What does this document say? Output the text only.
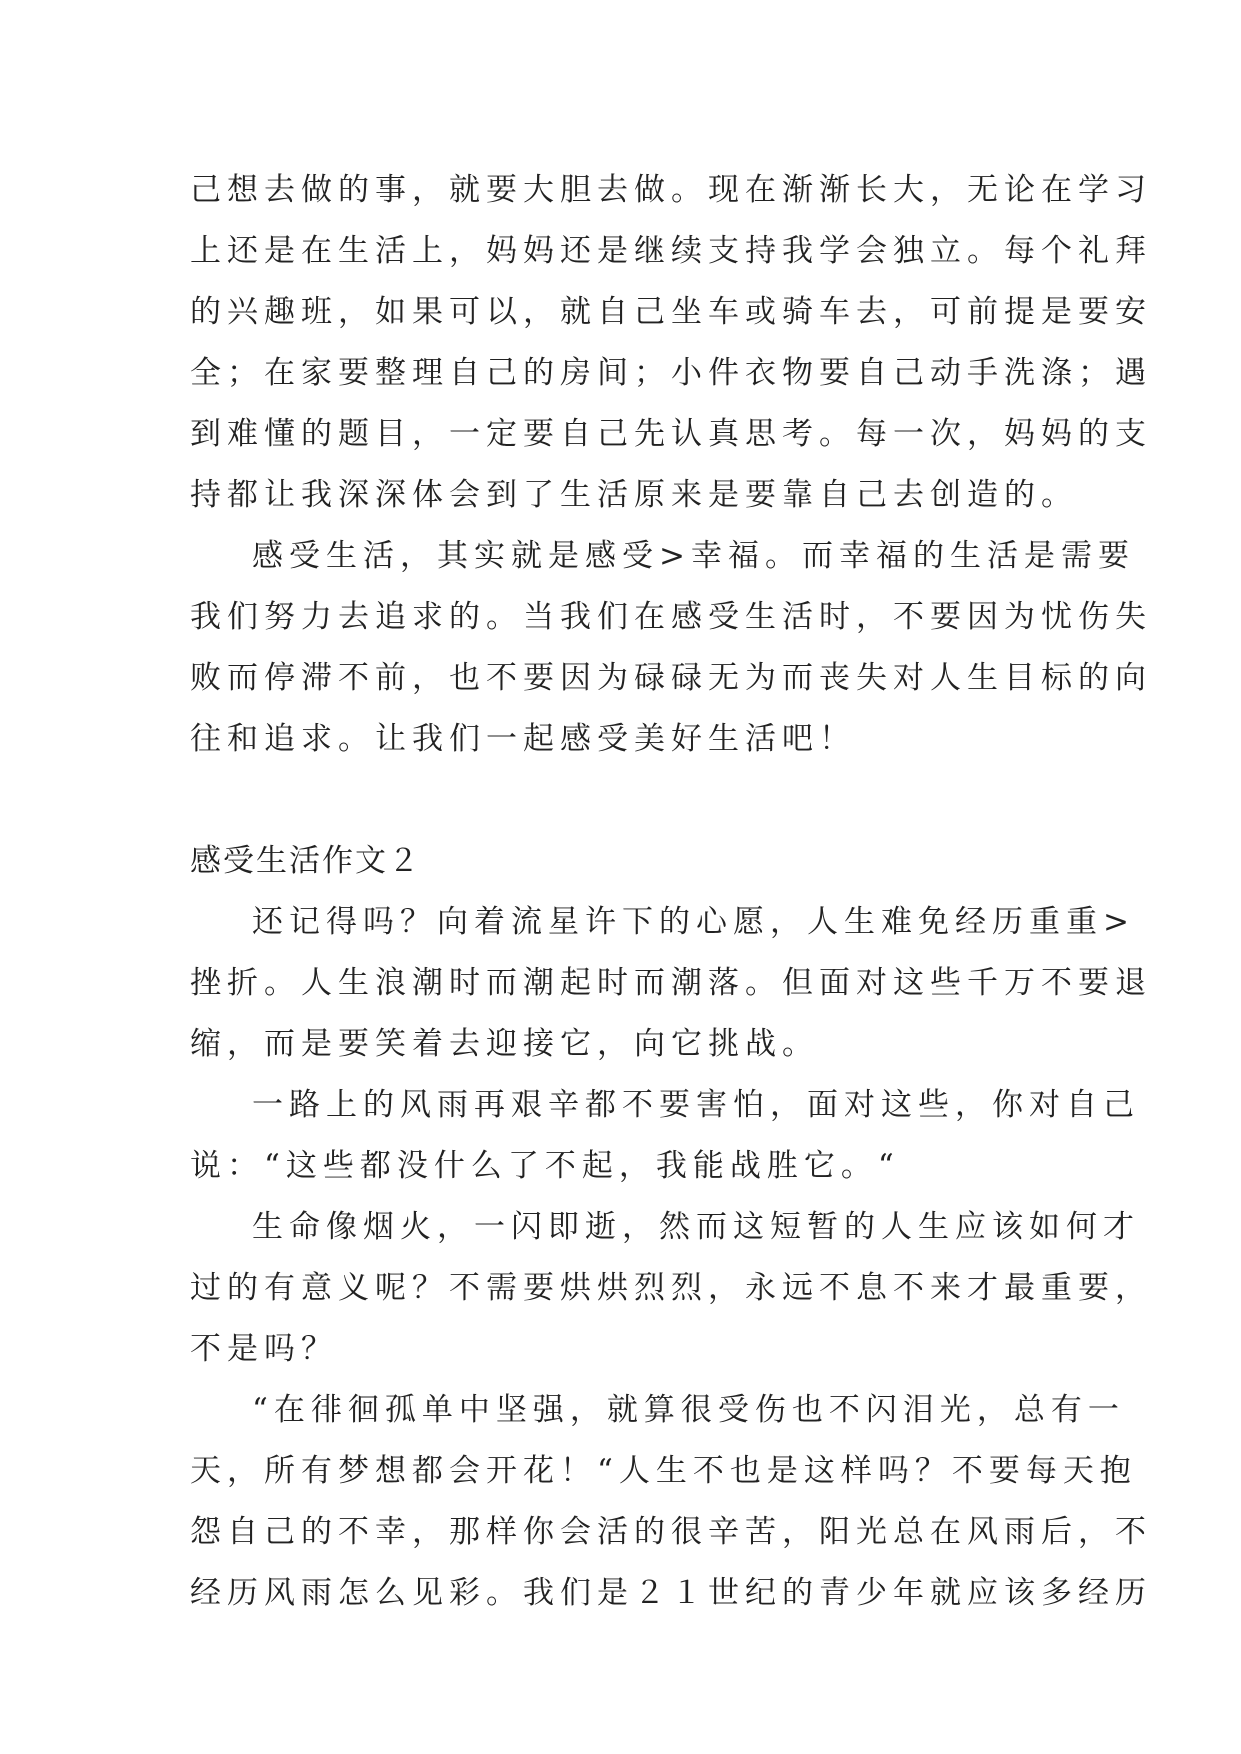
己想去做的事，就要大胆去做。现在渐渐长大，无论在学习
上还是在生活上，妈妈还是继续支持我学会独立。每个礼拜
的兴趣班，如果可以，就自己坐车或骑车去，可前提是要安
全；在家要整理自己的房间；小件衣物要自己动手洗涤；遇
到难懂的题目，一定要自己先认真思考。每一次，妈妈的支
持都让我深深体会到了生活原来是要靠自己去创造的。
感受生活，其实就是感受>幸福。而幸福的生活是需要
我们努力去追求的。当我们在感受生活时，不要因为忧伤失
败而停滞不前，也不要因为碌碌无为而丧失对人生目标的向
往和追求。让我们一起感受美好生活吧！
感受生活作文２
还记得吗？向着流星许下的心愿，人生难免经历重重>
挫折。人生浪潮时而潮起时而潮落。但面对这些千万不要退
缩，而是要笑着去迎接它，向它挑战。
一路上的风雨再艰辛都不要害怕，面对这些，你对自己
说：“这些都没什么了不起，我能战胜它。“
生命像烟火，一闪即逝，然而这短暂的人生应该如何才
过的有意义呢？不需要烘烘烈烈，永远不息不来才最重要，
不是吗？
“在徘徊孤单中坚强，就算很受伤也不闪泪光，总有一
天，所有梦想都会开花！“人生不也是这样吗？不要每天抱
怨自己的不幸，那样你会活的很辛苦，阳光总在风雨后，不
经历风雨怎么见彩。我们是２１世纪的青少年就应该多经历
